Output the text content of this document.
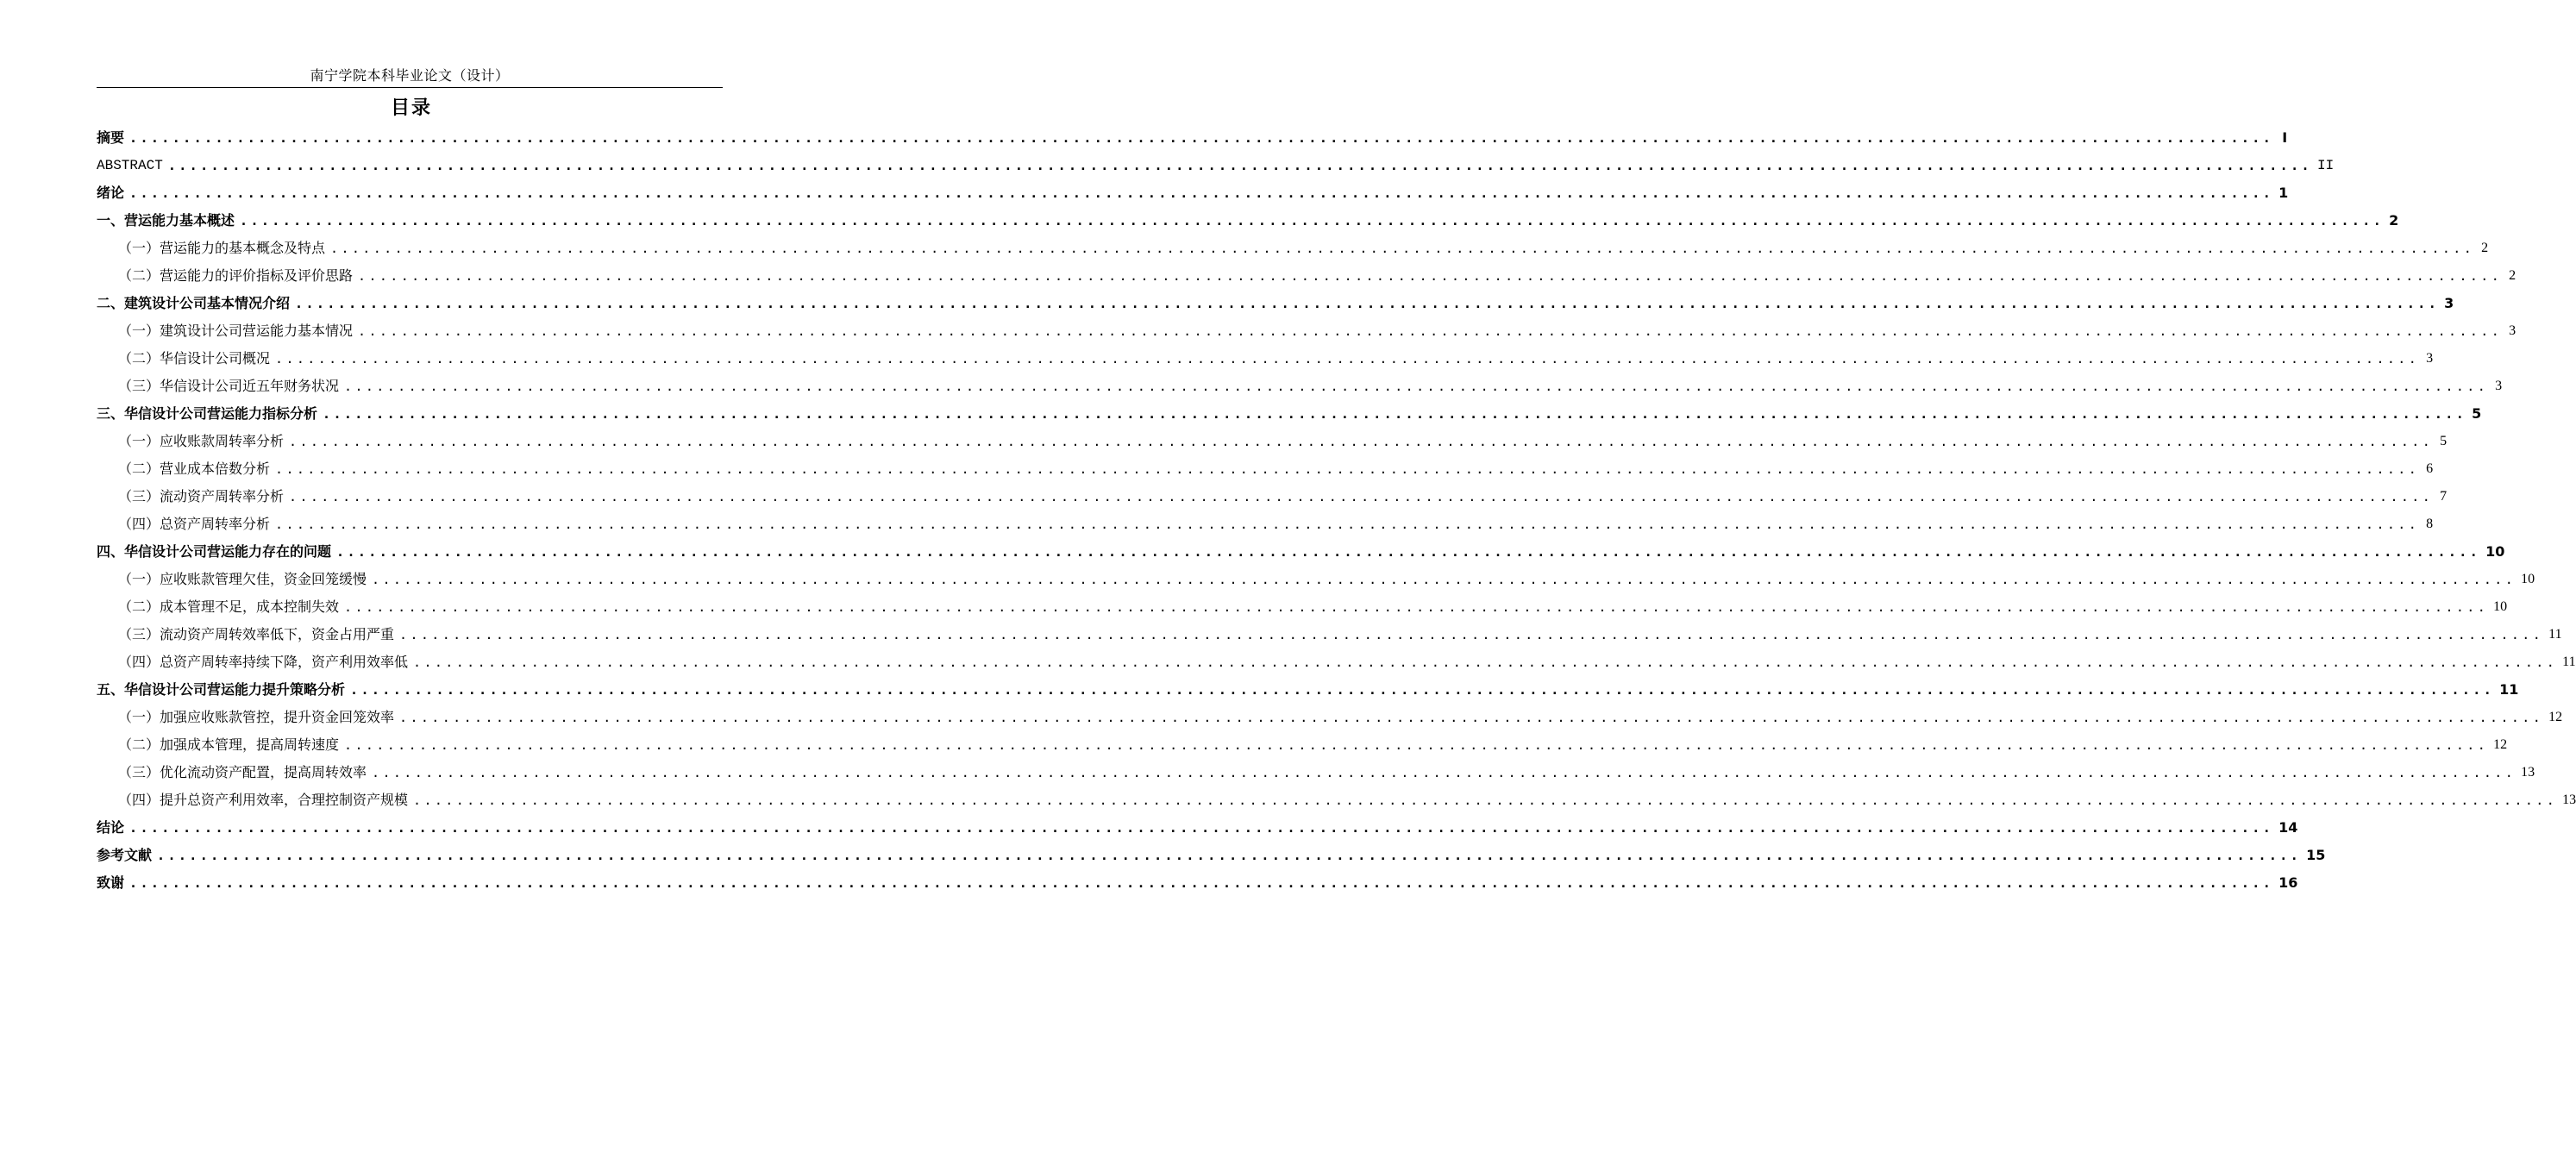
南宁学院本科毕业论文（设计）
目录
摘要 ........................................................................................................................................................................................................ I
ABSTRACT ........................................................................................................................................................................................................ II
绪论 ........................................................................................................................................................................................................ 1
一、营运能力基本概述 ........................................................................................................................................................................................................ 2
（一）营运能力的基本概念及特点 ........................................................................................................................................................................................................ 2
（二）营运能力的评价指标及评价思路 ........................................................................................................................................................................................................ 2
二、建筑设计公司基本情况介绍 ........................................................................................................................................................................................................ 3
（一）建筑设计公司营运能力基本情况 ........................................................................................................................................................................................................ 3
（二）华信设计公司概况 ........................................................................................................................................................................................................ 3
（三）华信设计公司近五年财务状况 ........................................................................................................................................................................................................ 3
三、华信设计公司营运能力指标分析 ........................................................................................................................................................................................................ 5
（一）应收账款周转率分析 ........................................................................................................................................................................................................ 5
（二）营业成本倍数分析 ........................................................................................................................................................................................................ 6
（三）流动资产周转率分析 ........................................................................................................................................................................................................ 7
（四）总资产周转率分析 ........................................................................................................................................................................................................ 8
四、华信设计公司营运能力存在的问题 ........................................................................................................................................................................................................ 10
（一）应收账款管理欠佳，资金回笼缓慢 ........................................................................................................................................................................................................ 10
（二）成本管理不足，成本控制失效 ........................................................................................................................................................................................................ 10
（三）流动资产周转效率低下，资金占用严重 ........................................................................................................................................................................................................ 11
（四）总资产周转率持续下降，资产利用效率低 ........................................................................................................................................................................................................ 11
五、华信设计公司营运能力提升策略分析 ........................................................................................................................................................................................................ 11
（一）加强应收账款管控，提升资金回笼效率 ........................................................................................................................................................................................................ 12
（二）加强成本管理，提高周转速度 ........................................................................................................................................................................................................ 12
（三）优化流动资产配置，提高周转效率 ........................................................................................................................................................................................................ 13
（四）提升总资产利用效率，合理控制资产规模 ........................................................................................................................................................................................................ 13
结论 ........................................................................................................................................................................................................ 14
参考文献 ........................................................................................................................................................................................................ 15
致谢 ........................................................................................................................................................................................................ 16
